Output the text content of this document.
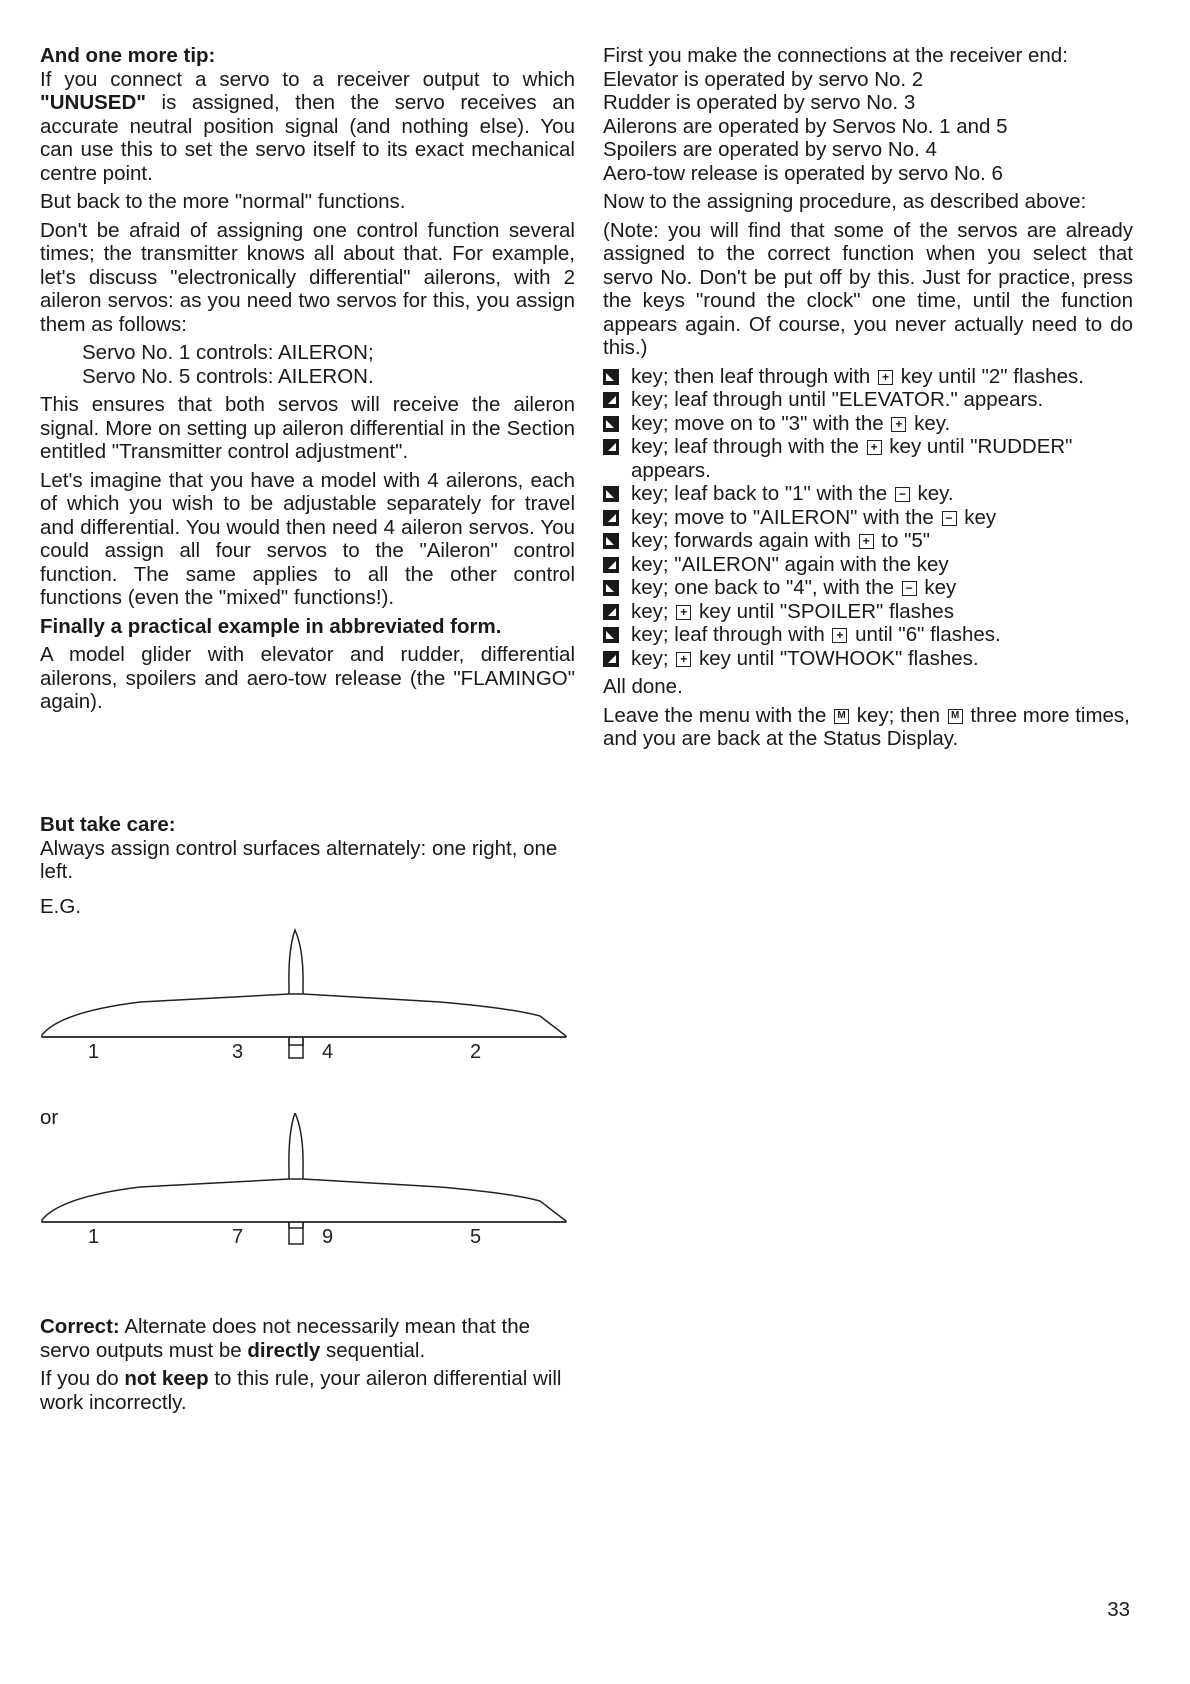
And one more tip:

If you connect a servo to a receiver output to which "UNUSED" is assigned, then the servo receives an accurate neutral position signal (and nothing else). You can use this to set the servo itself to its exact mechanical centre point.

But back to the more "normal" functions.

Don't be afraid of assigning one control function several times; the transmitter knows all about that. For example, let's discuss "electronically differential" ailerons, with 2 aileron servos: as you need two servos for this, you assign them as follows:

Servo No. 1 controls: AILERON;

Servo No. 5 controls: AILERON.

This ensures that both servos will receive the aileron signal. More on setting up aileron differential in the Section entitled "Transmitter control adjustment".

Let's imagine that you have a model with 4 ailerons, each of which you wish to be adjustable separately for travel and differential. You would then need 4 aileron servos. You could assign all four servos to the "Aileron" control function. The same applies to all the other control functions (even the "mixed" functions!).

Finally a practical example in abbreviated form.

A model glider with elevator and rudder, differential ailerons, spoilers and aero-tow release (the "FLAMINGO" again).

But take care:

Always assign control surfaces alternately: one right, one left.

E.G.
1	3	4	2
or
1	7	9	5

Correct: Alternate does not necessarily mean that the servo outputs must be directly sequential.

If you do not keep to this rule, your aileron differential will work incorrectly.

First you make the connections at the receiver end:

Elevator is operated by servo No. 2

Rudder is operated by servo No. 3

Ailerons are operated by Servos No. 1 and 5

Spoilers are operated by servo No. 4

Aero-tow release is operated by servo No. 6

Now to the assigning procedure, as described above:

(Note: you will find that some of the servos are already assigned to the correct function when you select that servo No. Don't be put off by this. Just for practice, press the keys "round the clock" one time, until the function appears again. Of course, you never actually need to do this.)

key; then leaf through with + key until "2" flashes.
key; leaf through until "ELEVATOR." appears.
key; move on to "3" with the + key.
key; leaf through with the + key until "RUDDER" appears.
key; leaf back to "1" with the − key.
key; move to "AILERON" with the − key
key; forwards again with + to "5"
key; "AILERON" again with the key
key; one back to "4", with the − key
key; + key until "SPOILER" flashes
key; leaf through with + until "6" flashes.
key; + key until "TOWHOOK" flashes.

All done.

Leave the menu with the M key; then M three more times, and you are back at the Status Display.

33
